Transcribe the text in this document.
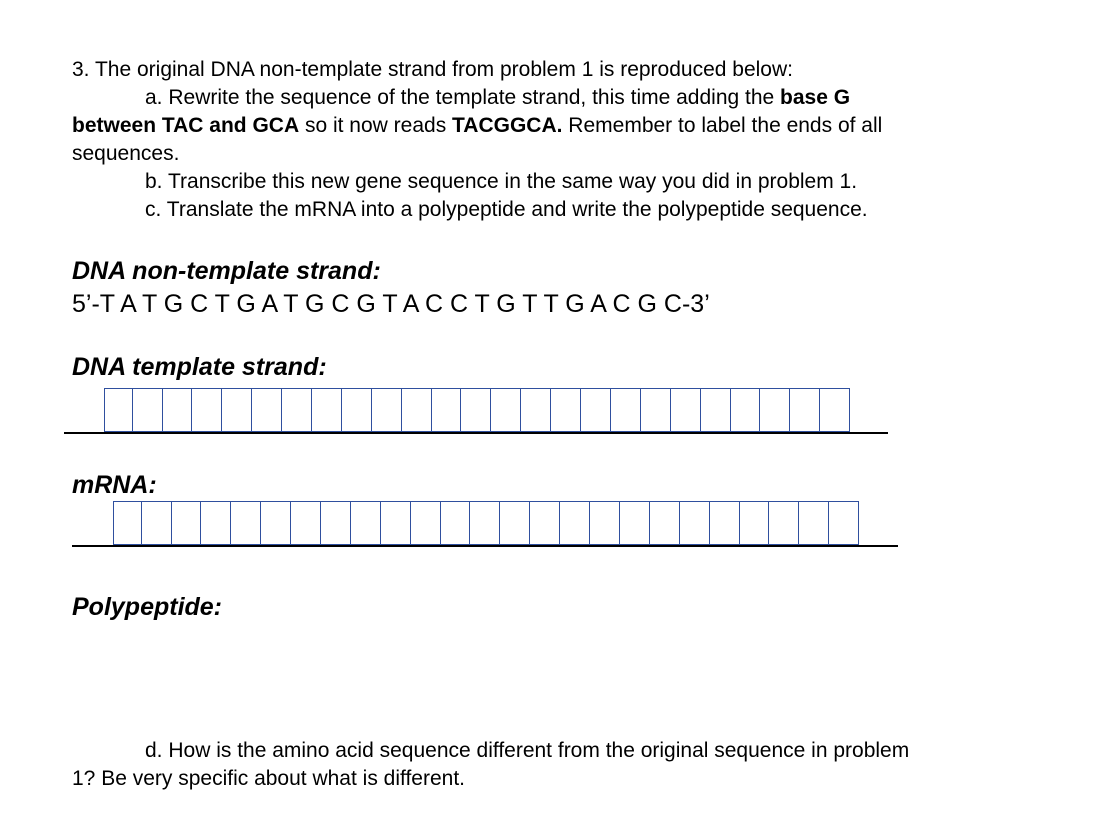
3. The original DNA non-template strand from problem 1 is reproduced below:
a. Rewrite the sequence of the template strand, this time adding the base G
between TAC and GCA so it now reads TACGGCA. Remember to label the ends of all
sequences.
b. Transcribe this new gene sequence in the same way you did in problem 1.
c. Translate the mRNA into a polypeptide and write the polypeptide sequence.
DNA non-template strand:
5’-T A T G C T G A T G C G T A C C T G T T G A C G C-3’
DNA template strand:
mRNA:
Polypeptide:
d. How is the amino acid sequence different from the original sequence in problem
1? Be very specific about what is different.
